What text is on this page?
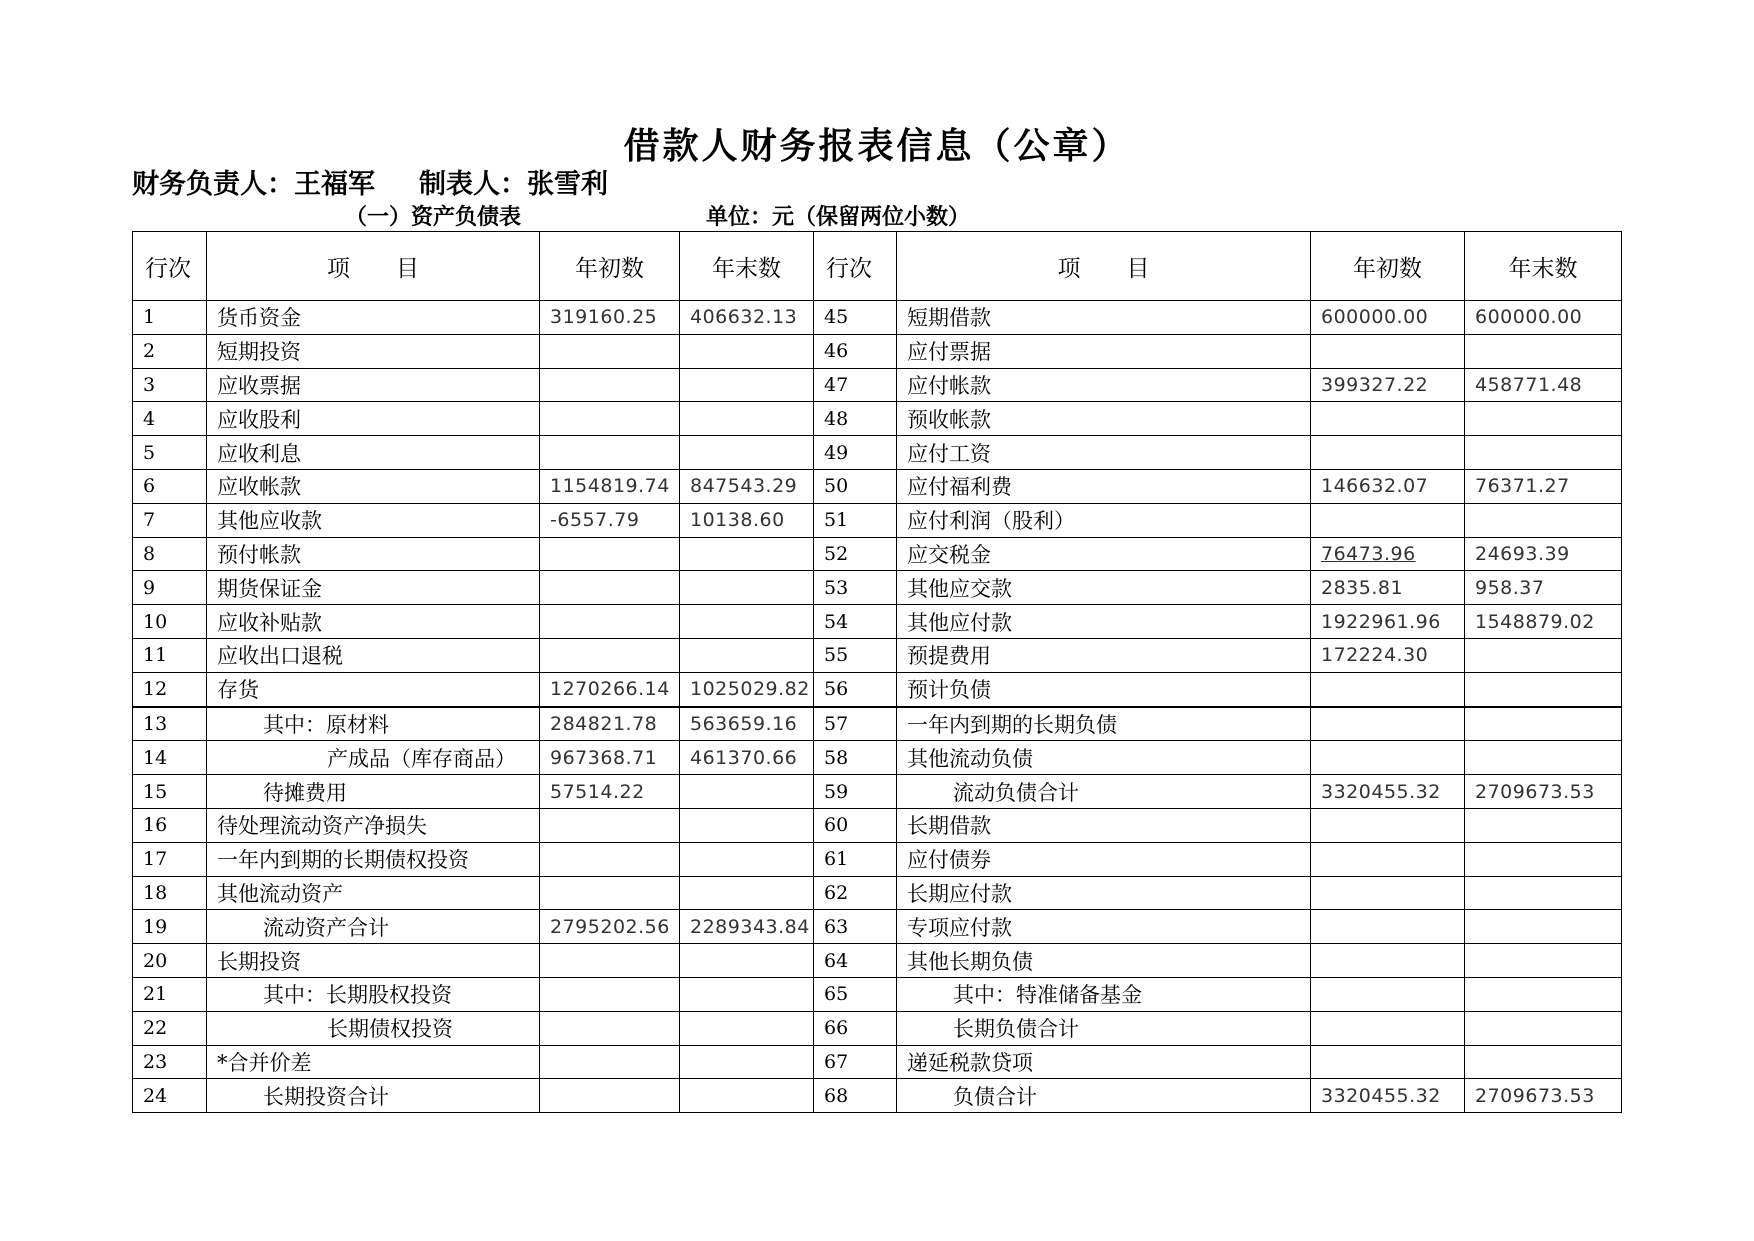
借款人财务报表信息（公章）
财务负责人：王福军 制表人：张雪利
（一）资产负债表	单位：元（保留两位小数）
行次	项　　目	年初数	年末数	行次	项　　目	年初数	年末数
1	货币资金	319160.25	406632.13	45	短期借款	600000.00	600000.00
2	短期投资			46	应付票据		
3	应收票据			47	应付帐款	399327.22	458771.48
4	应收股利			48	预收帐款		
5	应收利息			49	应付工资		
6	应收帐款	1154819.74	847543.29	50	应付福利费	146632.07	76371.27
7	其他应收款	-6557.79	10138.60	51	应付利润（股利）		
8	预付帐款			52	应交税金	76473.96	24693.39
9	期货保证金			53	其他应交款	2835.81	958.37
10	应收补贴款			54	其他应付款	1922961.96	1548879.02
11	应收出口退税			55	预提费用	172224.30	
12	存货	1270266.14	1025029.82	56	预计负债		
13	其中：原材料	284821.78	563659.16	57	一年内到期的长期负债		
14	产成品（库存商品）	967368.71	461370.66	58	其他流动负债		
15	待摊费用	57514.22		59	流动负债合计	3320455.32	2709673.53
16	待处理流动资产净损失			60	长期借款		
17	一年内到期的长期债权投资			61	应付债券		
18	其他流动资产			62	长期应付款		
19	流动资产合计	2795202.56	2289343.84	63	专项应付款		
20	长期投资			64	其他长期负债		
21	其中：长期股权投资			65	其中：特准储备基金		
22	长期债权投资			66	长期负债合计		
23	*合并价差			67	递延税款贷项		
24	长期投资合计			68	负债合计	3320455.32	2709673.53
